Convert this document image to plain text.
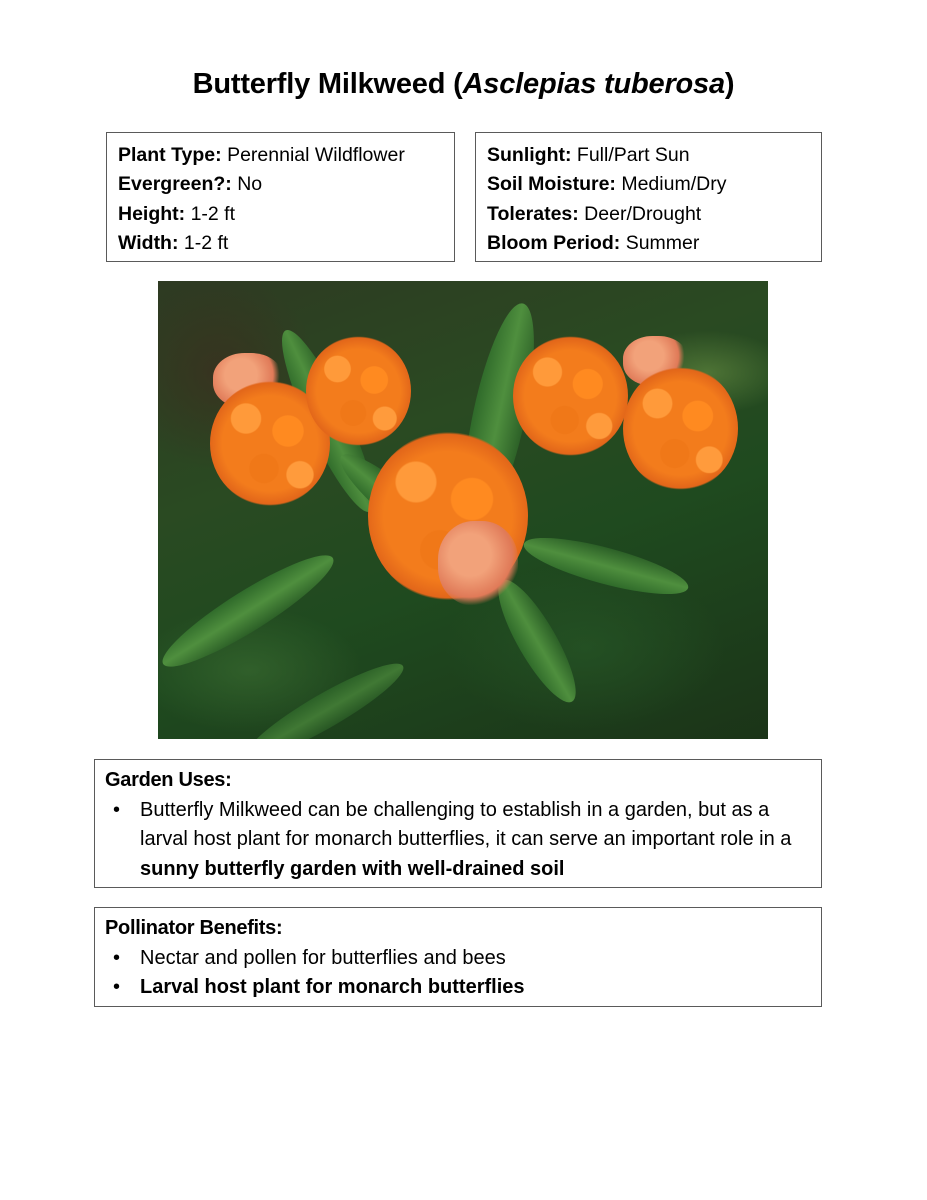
Butterfly Milkweed (Asclepias tuberosa)
Plant Type: Perennial Wildflower
Evergreen?: No
Height: 1-2 ft
Width: 1-2 ft
Sunlight: Full/Part Sun
Soil Moisture: Medium/Dry
Tolerates: Deer/Drought
Bloom Period: Summer
Garden Uses:
• Butterfly Milkweed can be challenging to establish in a garden, but as a larval host plant for monarch butterflies, it can serve an important role in a sunny butterfly garden with well-drained soil
Pollinator Benefits:
• Nectar and pollen for butterflies and bees
• Larval host plant for monarch butterflies
